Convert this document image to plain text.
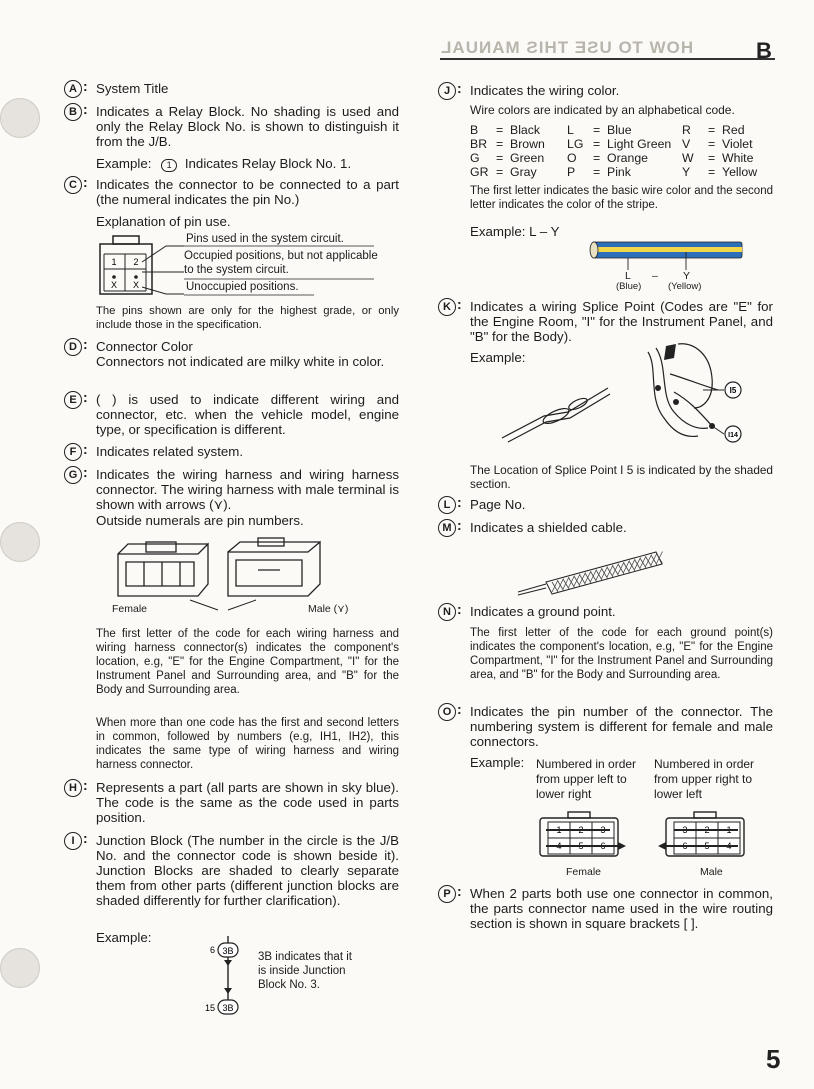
HOW TO USE THIS MANUAL	B
A : System Title
B : Indicates a Relay Block. No shading is used and only the Relay Block No. is shown to distinguish it from the J/B.
Example: 1 Indicates Relay Block No. 1.
C : Indicates the connector to be connected to a part (the numeral indicates the pin No.)
Explanation of pin use.
1 2
X X
Pins used in the system circuit.
Occupied positions, but not applicable to the system circuit.
Unoccupied positions.
The pins shown are only for the highest grade, or only include those in the specification.
D : Connector Color
Connectors not indicated are milky white in color.
E : ( ) is used to indicate different wiring and connector, etc. when the vehicle model, engine type, or specification is different.
F : Indicates related system.
G : Indicates the wiring harness and wiring harness connector. The wiring harness with male terminal is shown with arrows (⋎).
Outside numerals are pin numbers.
Female	Male (⋎)
The first letter of the code for each wiring harness and wiring harness connector(s) indicates the component's location, e.g, "E" for the Engine Compartment, "I" for the Instrument Panel and Surrounding area, and "B" for the Body and Surrounding area.
When more than one code has the first and second letters in common, followed by numbers (e.g, IH1, IH2), this indicates the same type of wiring harness and wiring harness connector.
H : Represents a part (all parts are shown in sky blue). The code is the same as the code used in parts position.
I : Junction Block (The number in the circle is the J/B No. and the connector code is shown beside it). Junction Blocks are shaded to clearly separate them from other parts (different junction blocks are shaded differently for further clarification).
Example:
3B
3B
6
15
3B indicates that it is inside Junction Block No. 3.
J : Indicates the wiring color.
Wire colors are indicated by an alphabetical code.
B = Black L = Blue	R = Red
BR = Brown LG = Light Green V = Violet
G = Green O = Orange	W = White
GR = Gray P = Pink	Y = Yellow
The first letter indicates the basic wire color and the second letter indicates the color of the stripe.
Example: L – Y
L – Y
(Blue)	(Yellow)
K : Indicates a wiring Splice Point (Codes are "E" for the Engine Room, "I" for the Instrument Panel, and "B" for the Body).
Example:
I5
I14
The Location of Splice Point I 5 is indicated by the shaded section.
L : Page No.
M : Indicates a shielded cable.
N : Indicates a ground point.
The first letter of the code for each ground point(s) indicates the component's location, e.g, "E" for the Engine Compartment, "I" for the Instrument Panel and Surrounding area, and "B" for the Body and Surrounding area.
O : Indicates the pin number of the connector. The numbering system is different for female and male connectors.
Example: Numbered in order from upper left to lower right
Numbered in order from upper right to lower left
1 2 3
4 5 6
3 2 1
6 5 4
Female	Male
P : When 2 parts both use one connector in common, the parts connector name used in the wire routing section is shown in square brackets [ ].
5
